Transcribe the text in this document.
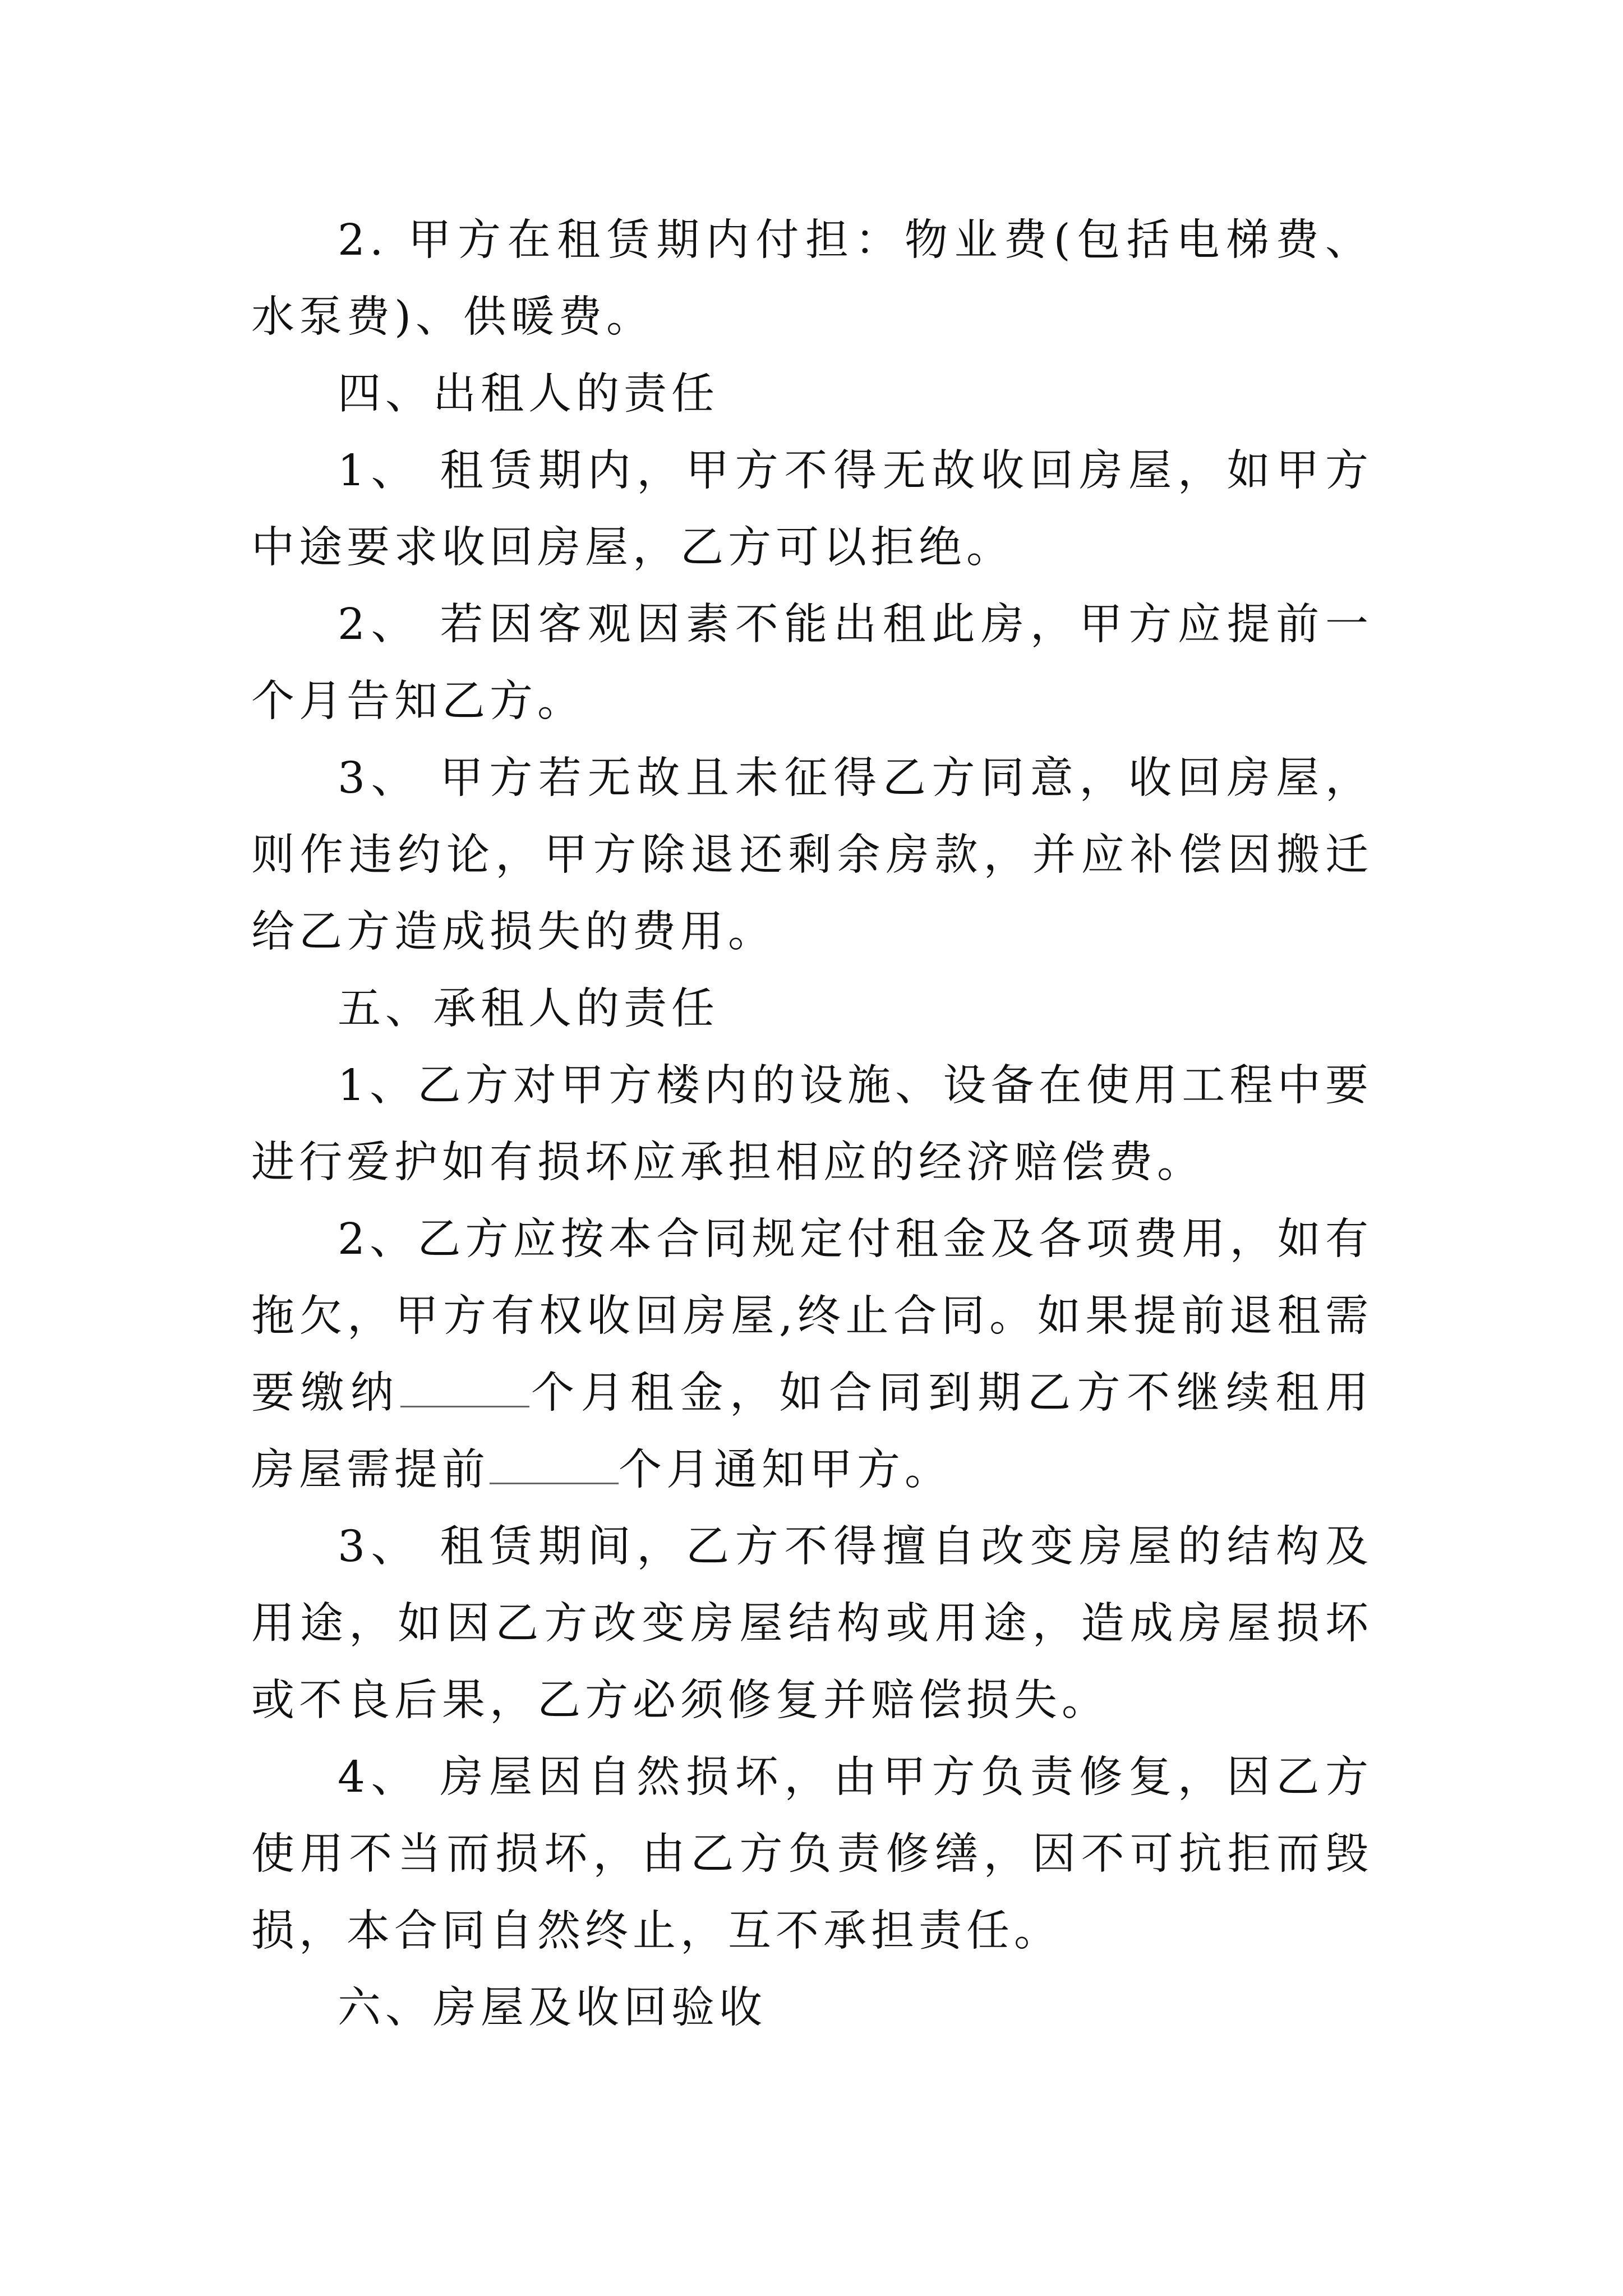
2. 甲方在租赁期内付担：物业费(包括电梯费、水泵费)、供暖费。

四、出租人的责任

1、 租赁期内，甲方不得无故收回房屋，如甲方中途要求收回房屋，乙方可以拒绝。

2、 若因客观因素不能出租此房，甲方应提前一个月告知乙方。

3、 甲方若无故且未征得乙方同意，收回房屋，则作违约论，甲方除退还剩余房款，并应补偿因搬迁给乙方造成损失的费用。

五、承租人的责任

1、乙方对甲方楼内的设施、设备在使用工程中要进行爱护如有损坏应承担相应的经济赔偿费。

2、乙方应按本合同规定付租金及各项费用，如有拖欠，甲方有权收回房屋,终止合同。如果提前退租需要缴纳	个月租金，如合同到期乙方不继续租用房屋需提前	个月通知甲方。

3、 租赁期间，乙方不得擅自改变房屋的结构及用途，如因乙方改变房屋结构或用途，造成房屋损坏或不良后果，乙方必须修复并赔偿损失。

4、 房屋因自然损坏，由甲方负责修复，因乙方使用不当而损坏，由乙方负责修缮，因不可抗拒而毁损，本合同自然终止，互不承担责任。

六、房屋及收回验收
